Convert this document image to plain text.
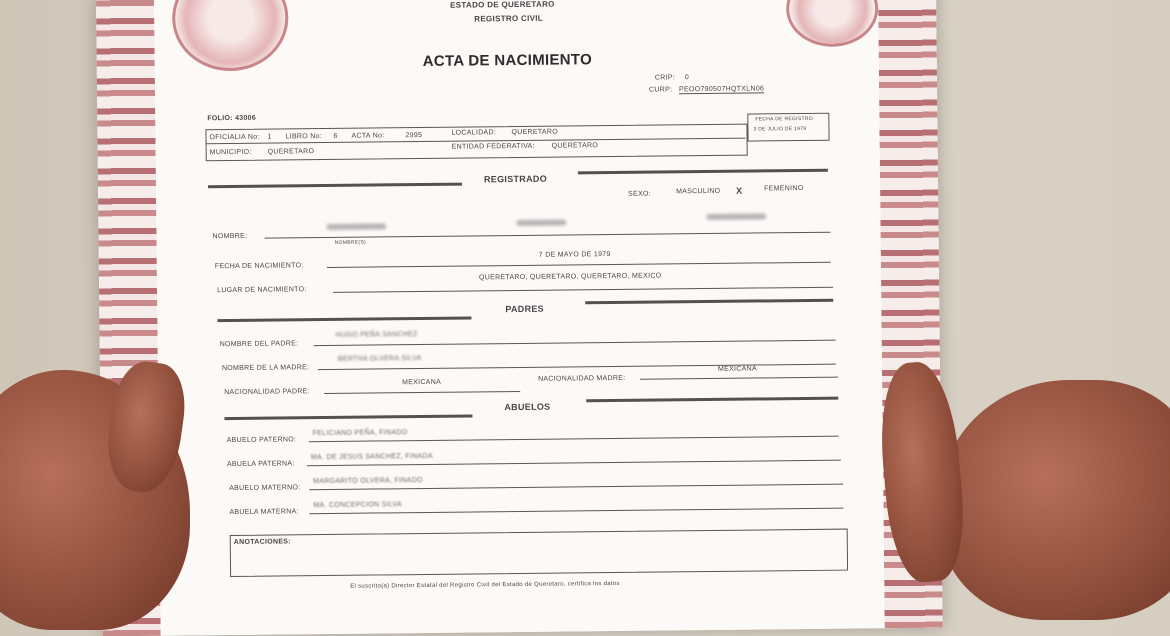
ESTADO DE QUERETARO
REGISTRO CIVIL
ACTA DE NACIMIENTO
CRIP: 0
CURP: PEOO790507HQTXLN06
FOLIO: 43006
OFICIALIA No: 1 LIBRO No: 6 ACTA No:	2995	LOCALIDAD: QUERETARO
MUNICIPIO: QUERETARO
ENTIDAD FEDERATIVA: QUERETARO
FECHA DE REGISTRO
3 DE JULIO DE 1979
REGISTRADO
SEXO:	MASCULINO X	FEMENINO
NOMBRE:
NOMBRE(S)
FECHA DE NACIMIENTO:
7 DE MAYO DE 1979
LUGAR DE NACIMIENTO:
QUERETARO, QUERETARO, QUERETARO, MEXICO
PADRES
NOMBRE DEL PADRE:
HUGO PEÑA SANCHEZ
NOMBRE DE LA MADRE:
BERTHA OLVERA SILVA
NACIONALIDAD PADRE:
MEXICANA	NACIONALIDAD MADRE:
MEXICANA
ABUELOS
ABUELO PATERNO:
FELICIANO PEÑA, FINADO
ABUELA PATERNA:
MA. DE JESUS SANCHEZ, FINADA
ABUELO MATERNO:
MARGARITO OLVERA, FINADO
ABUELA MATERNA:
MA. CONCEPCION SILVA
ANOTACIONES:
El suscrito(a) Director Estatal del Registro Civil del Estado de Queretaro, certifica los datos
